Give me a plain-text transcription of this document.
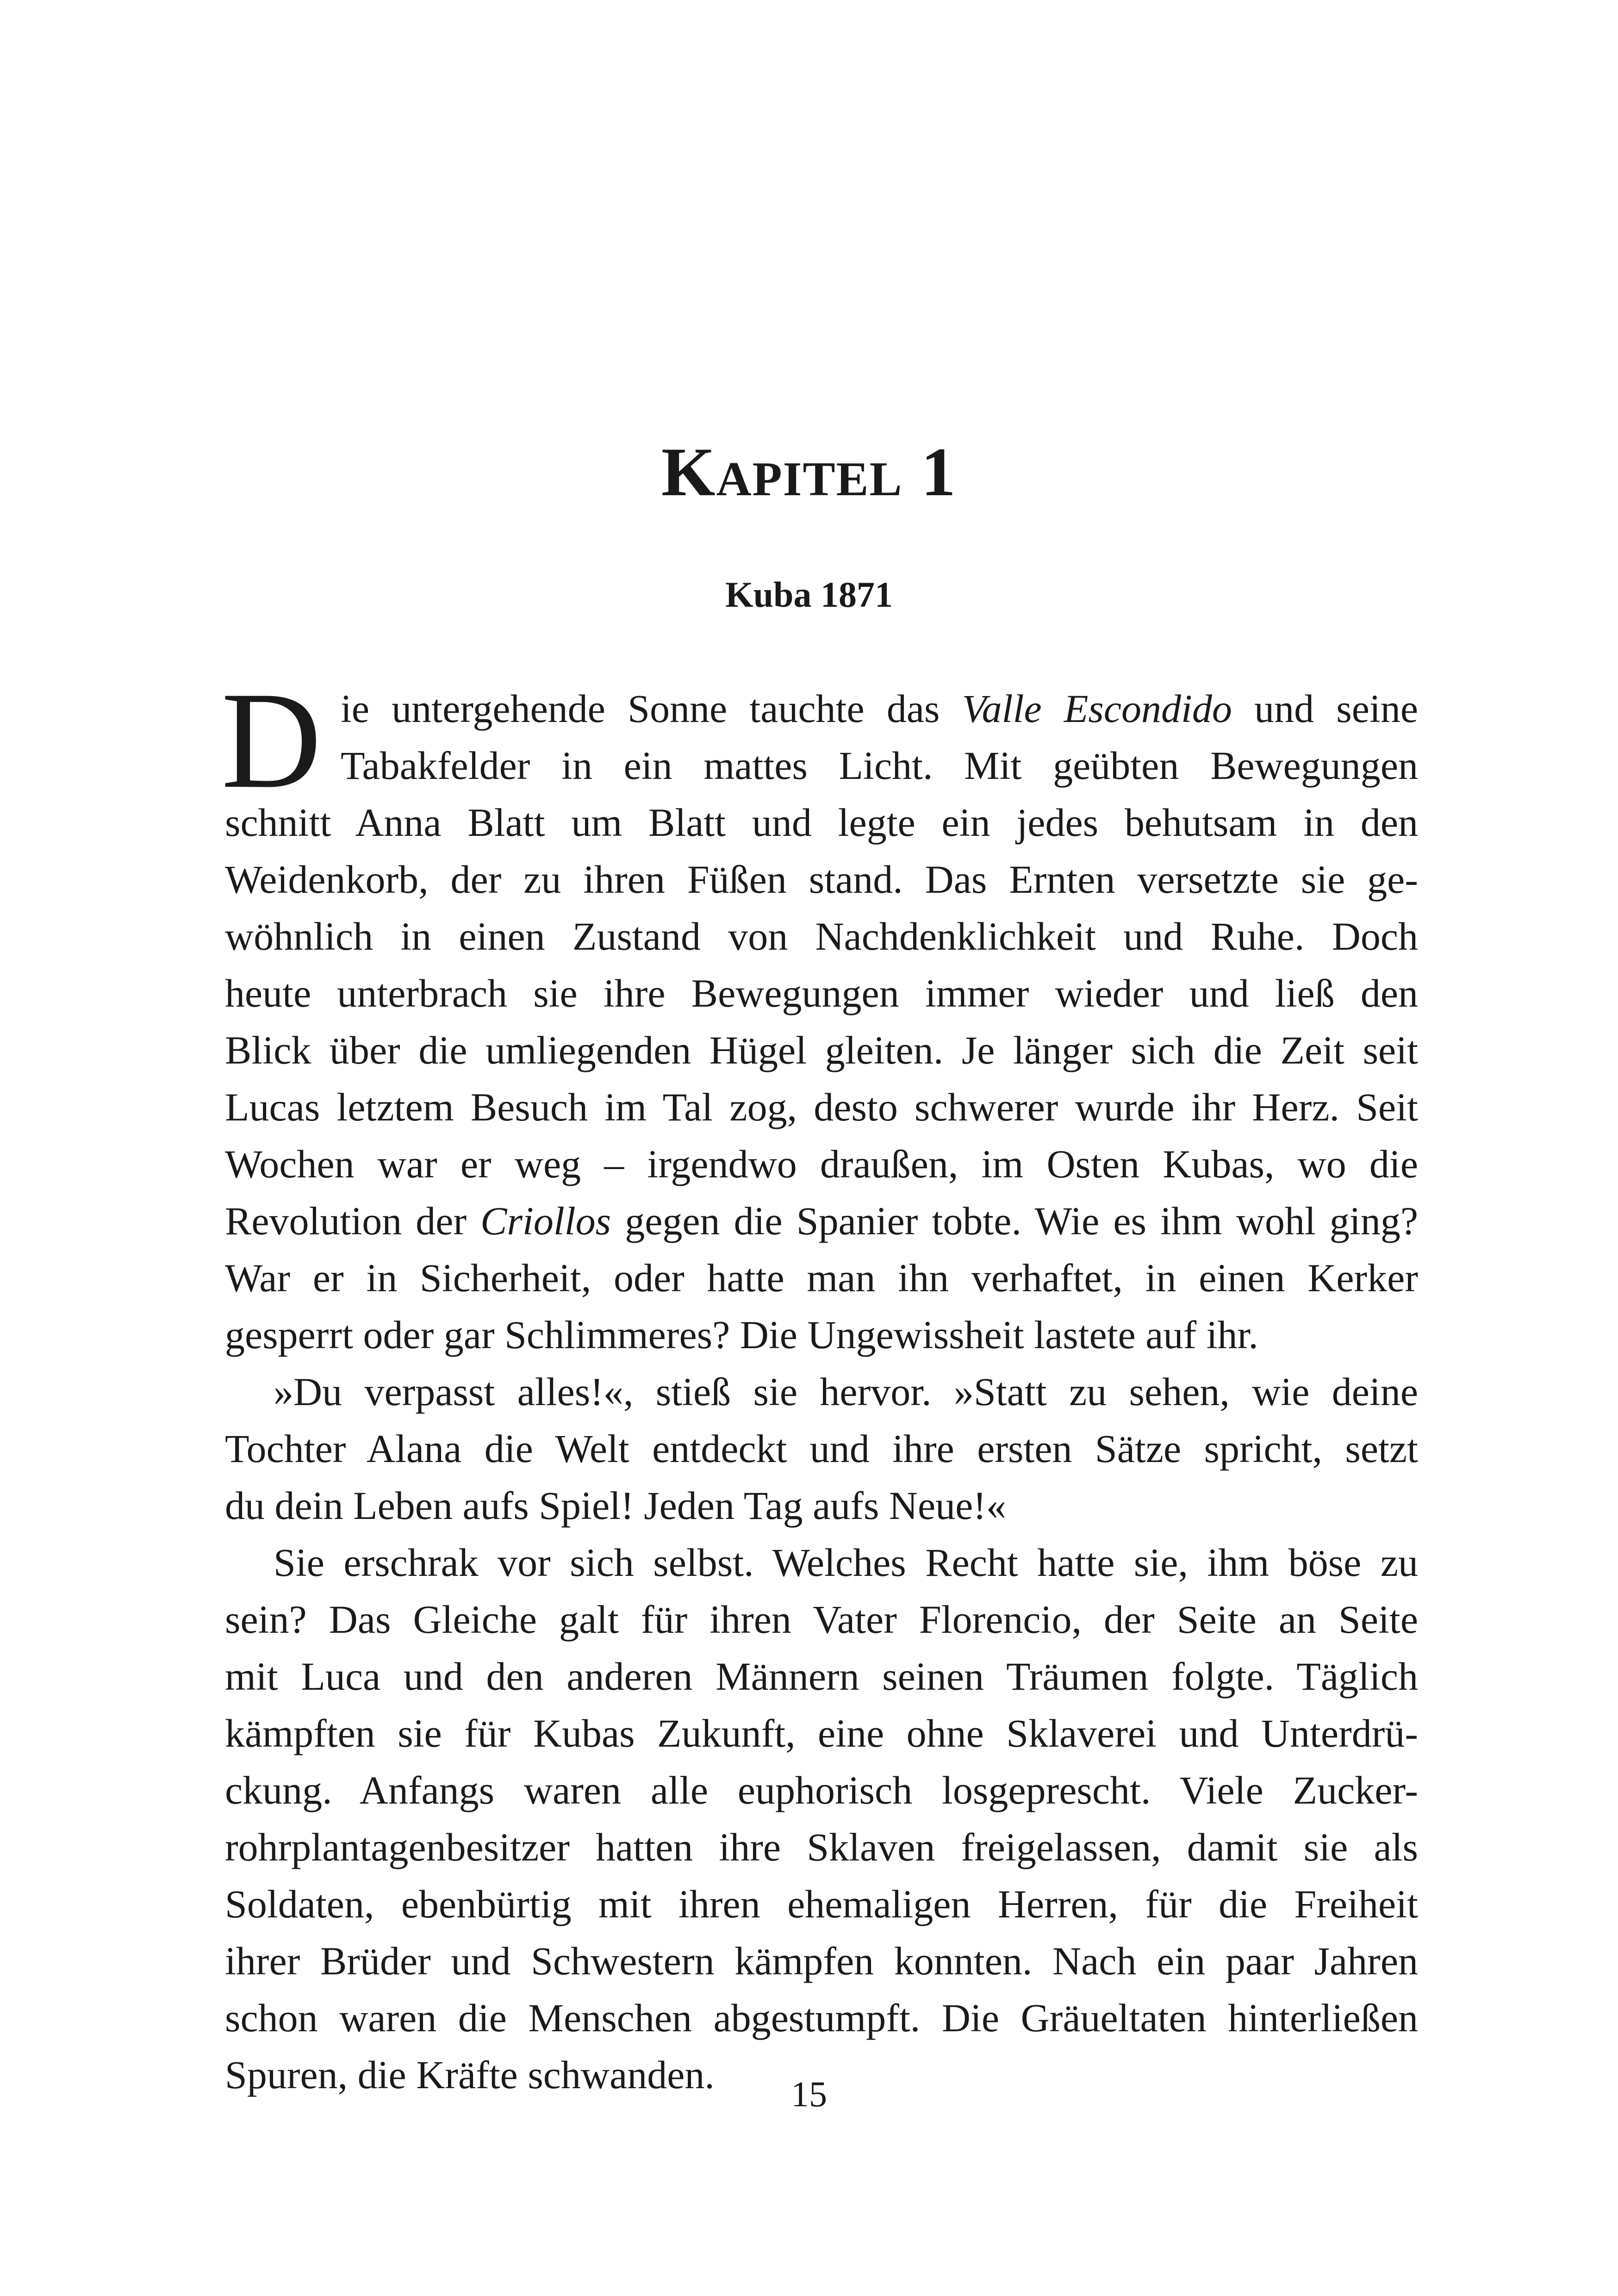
Kapitel 1
Kuba 1871
D ie untergehende Sonne tauchte das Valle Escondido und seine
Tabakfelder in ein mattes Licht. Mit geübten Bewegungen
schnitt Anna Blatt um Blatt und legte ein jedes behutsam in den
Weidenkorb, der zu ihren Füßen stand. Das Ernten versetzte sie ge-
wöhnlich in einen Zustand von Nachdenklichkeit und Ruhe. Doch
heute unterbrach sie ihre Bewegungen immer wieder und ließ den
Blick über die umliegenden Hügel gleiten. Je länger sich die Zeit seit
Lucas letztem Besuch im Tal zog, desto schwerer wurde ihr Herz. Seit
Wochen war er weg – irgendwo draußen, im Osten Kubas, wo die
Revolution der Criollos gegen die Spanier tobte. Wie es ihm wohl ging?
War er in Sicherheit, oder hatte man ihn verhaftet, in einen Kerker
gesperrt oder gar Schlimmeres? Die Ungewissheit lastete auf ihr.
»Du verpasst alles!«, stieß sie hervor. »Statt zu sehen, wie deine
Tochter Alana die Welt entdeckt und ihre ersten Sätze spricht, setzt
du dein Leben aufs Spiel! Jeden Tag aufs Neue!«
Sie erschrak vor sich selbst. Welches Recht hatte sie, ihm böse zu
sein? Das Gleiche galt für ihren Vater Florencio, der Seite an Seite
mit Luca und den anderen Männern seinen Träumen folgte. Täglich
kämpften sie für Kubas Zukunft, eine ohne Sklaverei und Unterdrü-
ckung. Anfangs waren alle euphorisch losgeprescht. Viele Zucker-
rohrplantagenbesitzer hatten ihre Sklaven freigelassen, damit sie als
Soldaten, ebenbürtig mit ihren ehemaligen Herren, für die Freiheit
ihrer Brüder und Schwestern kämpfen konnten. Nach ein paar Jahren
schon waren die Menschen abgestumpft. Die Gräueltaten hinterließen
Spuren, die Kräfte schwanden.	15
